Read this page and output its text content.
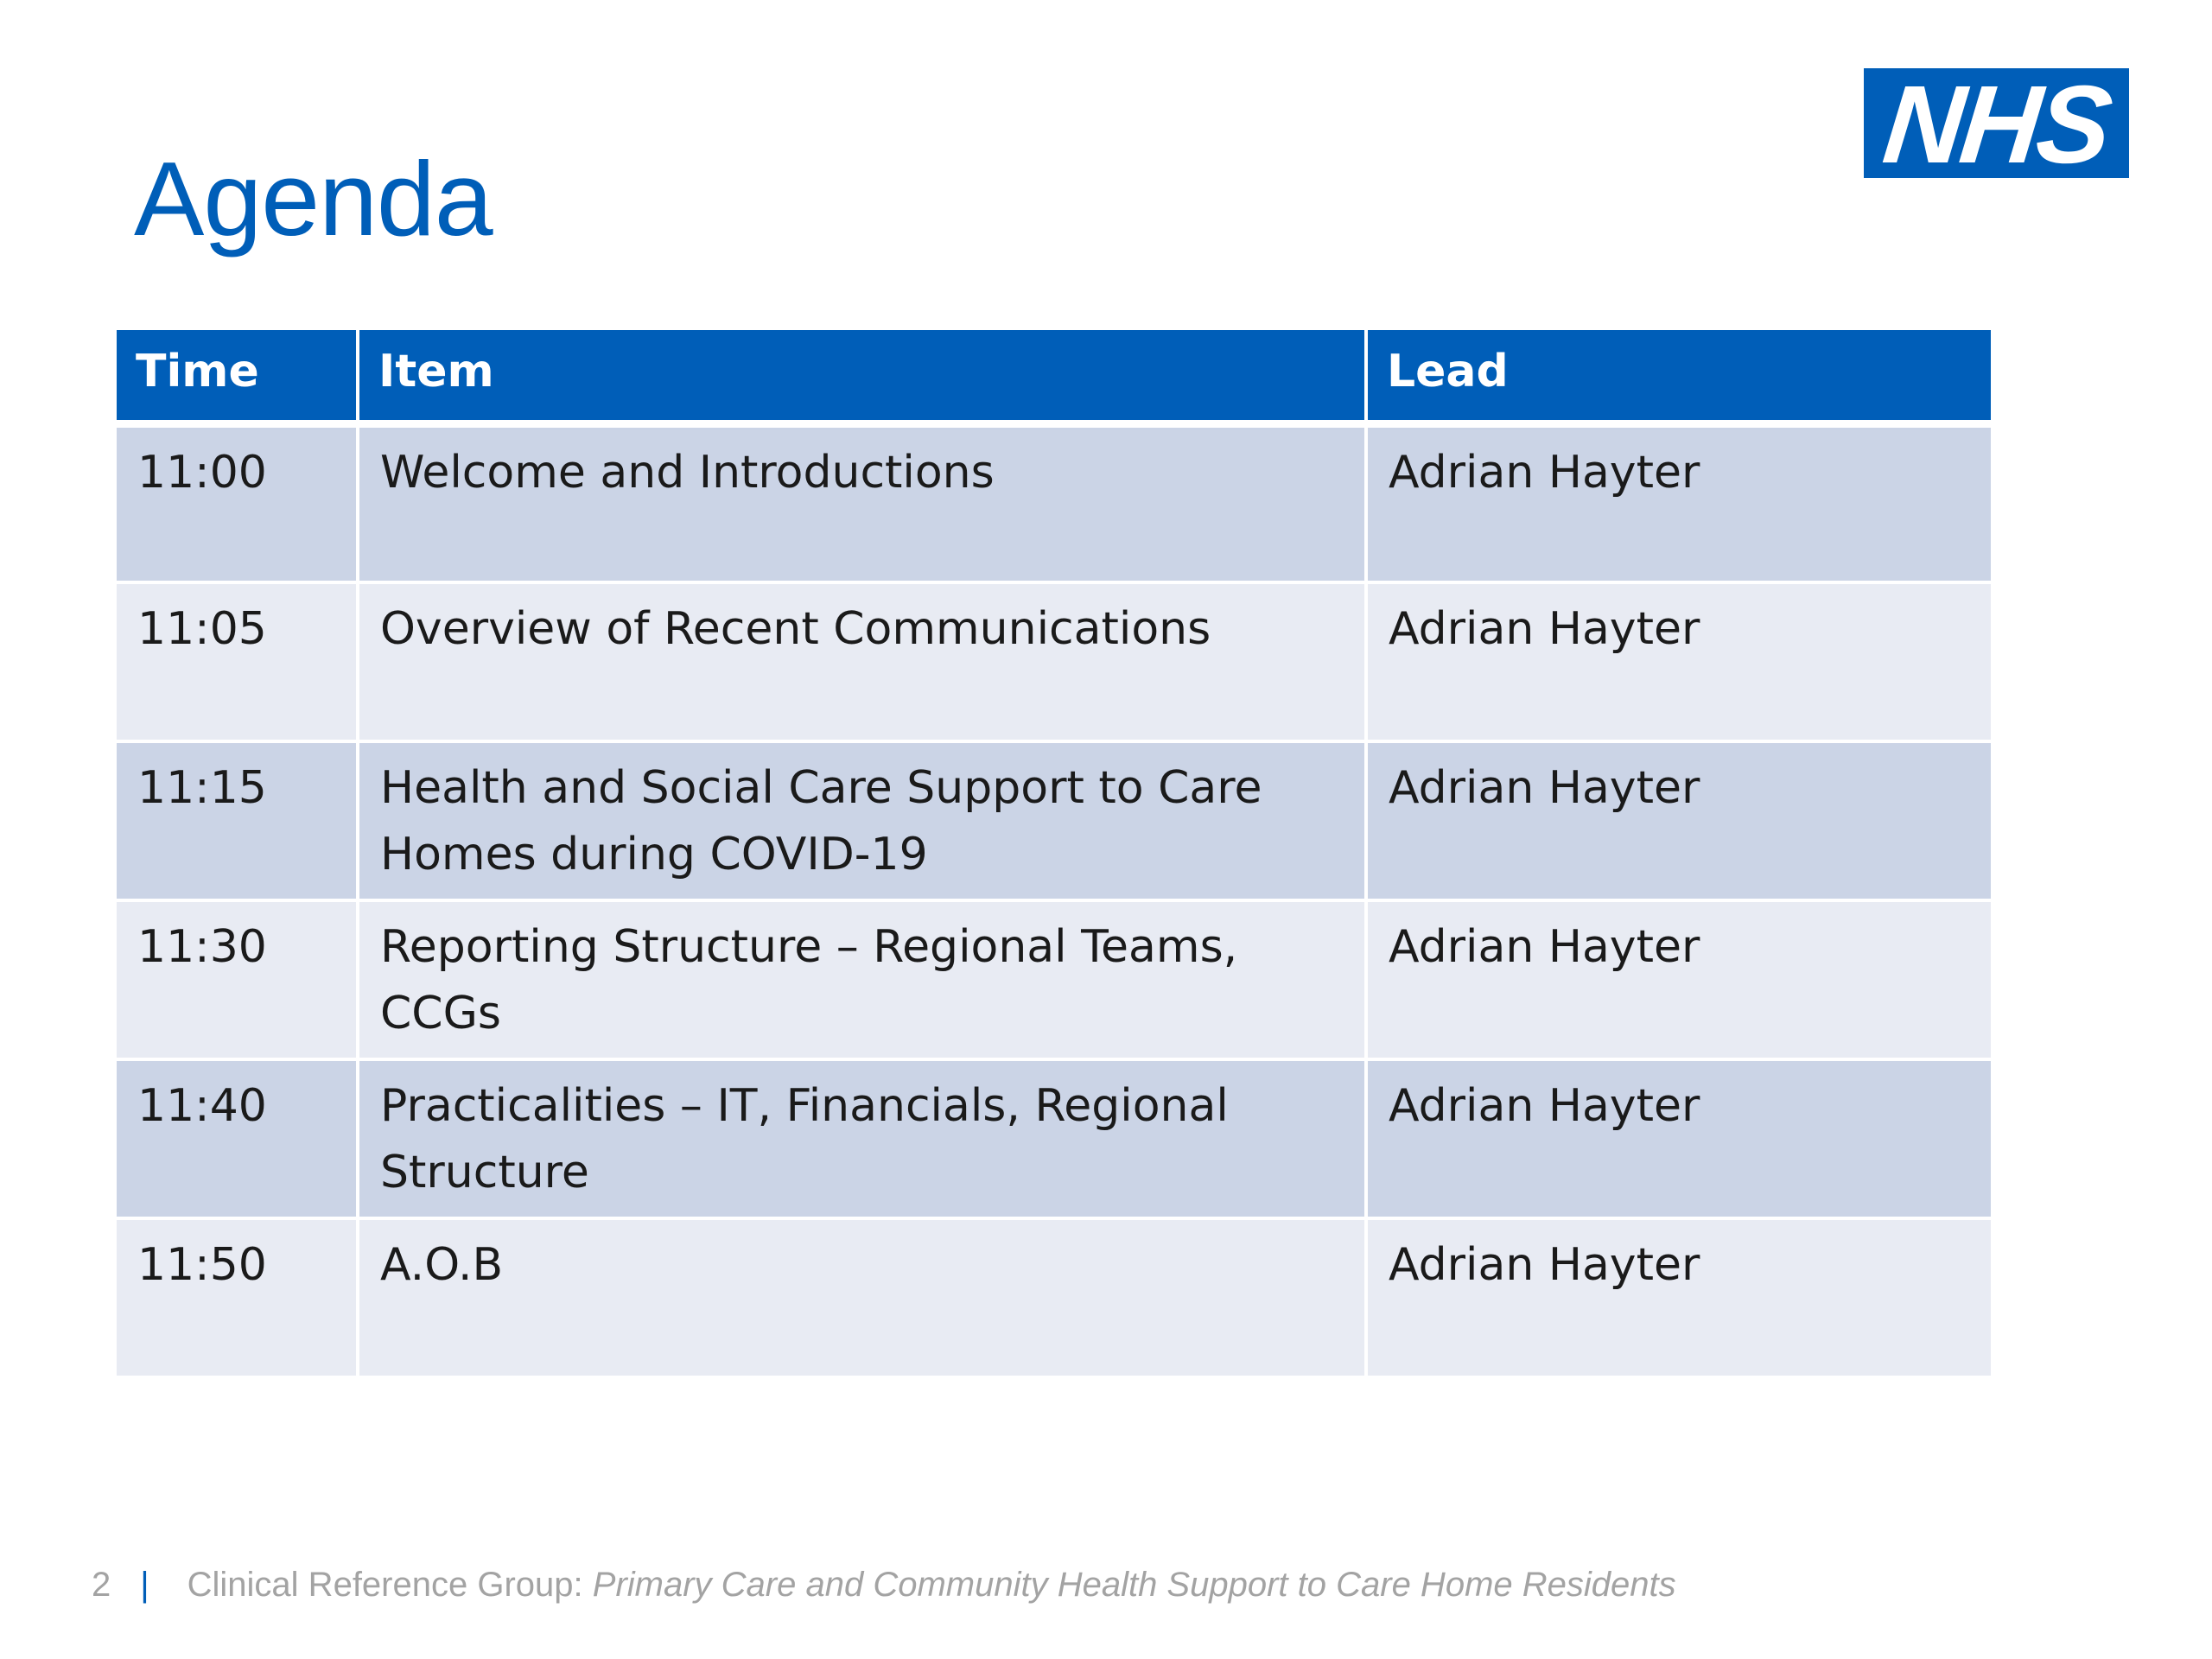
NHS
Agenda
Time	Item	Lead
11:00	Welcome and Introductions	Adrian Hayter
11:05	Overview of Recent Communications	Adrian Hayter
11:15	Health and Social Care Support to Care Homes during COVID-19	Adrian Hayter
11:30	Reporting Structure – Regional Teams, CCGs	Adrian Hayter
11:40	Practicalities – IT, Financials, Regional Structure	Adrian Hayter
11:50	A.O.B	Adrian Hayter
2 | Clinical Reference Group: Primary Care and Community Health Support to Care Home Residents
